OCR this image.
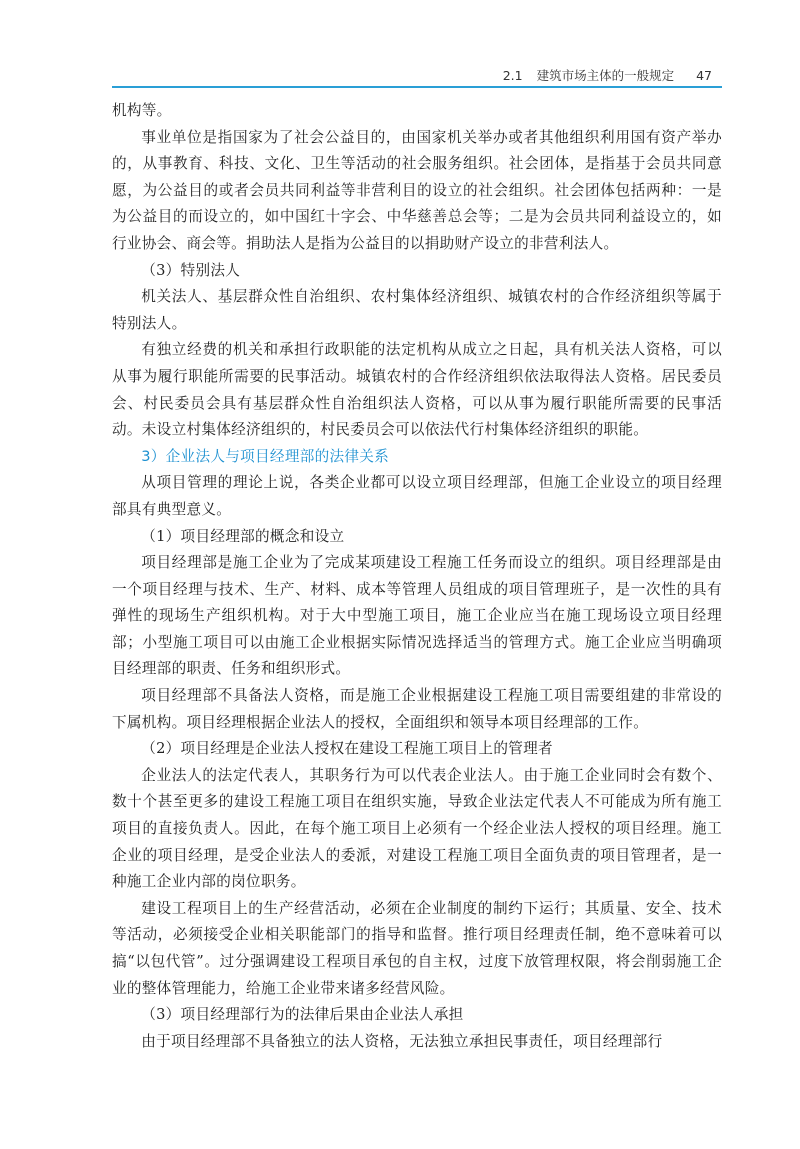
2.1 建筑市场主体的一般规定 47

机构等。

事业单位是指国家为了社会公益目的，由国家机关举办或者其他组织利用国有资产举办的，从事教育、科技、文化、卫生等活动的社会服务组织。社会团体，是指基于会员共同意愿，为公益目的或者会员共同利益等非营利目的设立的社会组织。社会团体包括两种：一是为公益目的而设立的，如中国红十字会、中华慈善总会等；二是为会员共同利益设立的，如行业协会、商会等。捐助法人是指为公益目的以捐助财产设立的非营利法人。

（3）特别法人

机关法人、基层群众性自治组织、农村集体经济组织、城镇农村的合作经济组织等属于特别法人。

有独立经费的机关和承担行政职能的法定机构从成立之日起，具有机关法人资格，可以从事为履行职能所需要的民事活动。城镇农村的合作经济组织依法取得法人资格。居民委员会、村民委员会具有基层群众性自治组织法人资格，可以从事为履行职能所需要的民事活动。未设立村集体经济组织的，村民委员会可以依法代行村集体经济组织的职能。

3）企业法人与项目经理部的法律关系

从项目管理的理论上说，各类企业都可以设立项目经理部，但施工企业设立的项目经理部具有典型意义。

（1）项目经理部的概念和设立

项目经理部是施工企业为了完成某项建设工程施工任务而设立的组织。项目经理部是由一个项目经理与技术、生产、材料、成本等管理人员组成的项目管理班子，是一次性的具有弹性的现场生产组织机构。对于大中型施工项目，施工企业应当在施工现场设立项目经理部；小型施工项目可以由施工企业根据实际情况选择适当的管理方式。施工企业应当明确项目经理部的职责、任务和组织形式。

项目经理部不具备法人资格，而是施工企业根据建设工程施工项目需要组建的非常设的下属机构。项目经理根据企业法人的授权，全面组织和领导本项目经理部的工作。

（2）项目经理是企业法人授权在建设工程施工项目上的管理者

企业法人的法定代表人，其职务行为可以代表企业法人。由于施工企业同时会有数个、数十个甚至更多的建设工程施工项目在组织实施，导致企业法定代表人不可能成为所有施工项目的直接负责人。因此，在每个施工项目上必须有一个经企业法人授权的项目经理。施工企业的项目经理，是受企业法人的委派，对建设工程施工项目全面负责的项目管理者，是一种施工企业内部的岗位职务。

建设工程项目上的生产经营活动，必须在企业制度的制约下运行；其质量、安全、技术等活动，必须接受企业相关职能部门的指导和监督。推行项目经理责任制，绝不意味着可以搞“以包代管”。过分强调建设工程项目承包的自主权，过度下放管理权限，将会削弱施工企业的整体管理能力，给施工企业带来诸多经营风险。

（3）项目经理部行为的法律后果由企业法人承担

由于项目经理部不具备独立的法人资格，无法独立承担民事责任，项目经理部行
